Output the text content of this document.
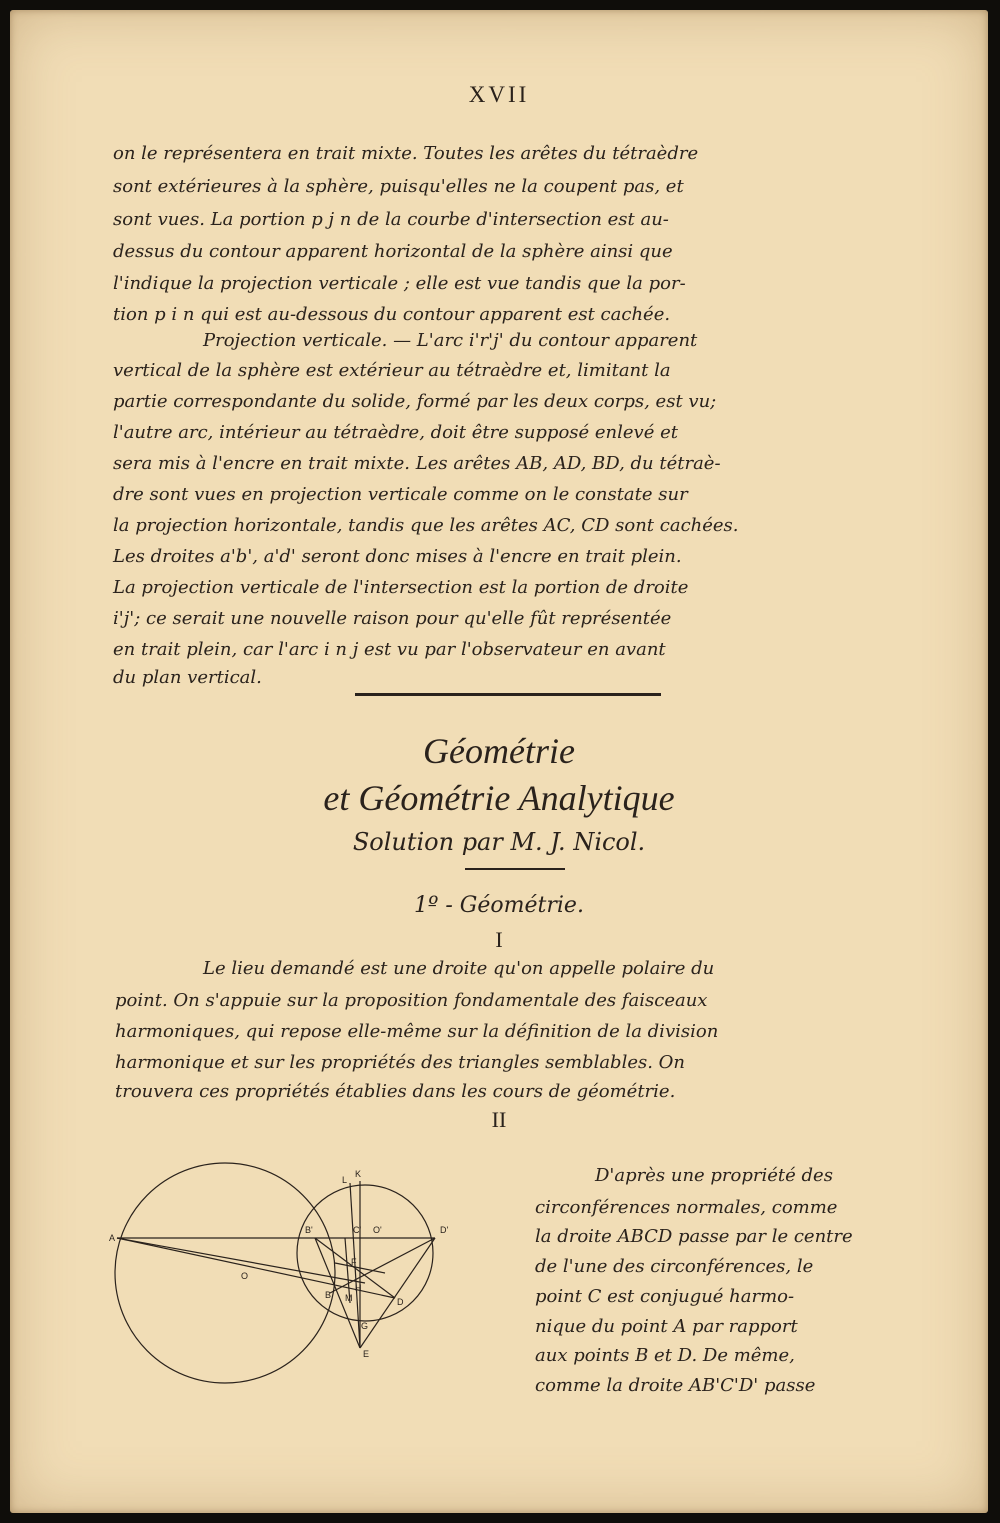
XVII
on le représentera en trait mixte. Toutes les arêtes du tétraèdre
sont extérieures à la sphère, puisqu'elles ne la coupent pas, et
sont vues. La portion p j n de la courbe d'intersection est au-
dessus du contour apparent horizontal de la sphère ainsi que
l'indique la projection verticale ; elle est vue tandis que la por-
tion p i n qui est au-dessous du contour apparent est cachée.
Projection verticale. — L'arc i'r'j' du contour apparent
vertical de la sphère est extérieur au tétraèdre et, limitant la
partie correspondante du solide, formé par les deux corps, est vu;
l'autre arc, intérieur au tétraèdre, doit être supposé enlevé et
sera mis à l'encre en trait mixte. Les arêtes AB, AD, BD, du tétraè-
dre sont vues en projection verticale comme on le constate sur
la projection horizontale, tandis que les arêtes AC, CD sont cachées.
Les droites a'b', a'd' seront donc mises à l'encre en trait plein.
La projection verticale de l'intersection est la portion de droite
i'j'; ce serait une nouvelle raison pour qu'elle fût représentée
en trait plein, car l'arc i n j est vu par l'observateur en avant
du plan vertical.
Géométrie
et Géométrie Analytique
Solution par M. J. Nicol.
1º - Géométrie.
I
Le lieu demandé est une droite qu'on appelle polaire du
point. On s'appuie sur la proposition fondamentale des faisceaux
harmoniques, qui repose elle-même sur la définition de la division
harmonique et sur les propriétés des triangles semblables. On
trouvera ces propriétés établies dans les cours de géométrie.
II
A
B'	C' O'	D'
L
K
O
B
F
G
H
M	D
E
D'après une propriété des
circonférences normales, comme
la droite ABCD passe par le centre
de l'une des circonférences, le
point C est conjugué harmo-
nique du point A par rapport
aux points B et D. De même,
comme la droite AB'C'D' passe
